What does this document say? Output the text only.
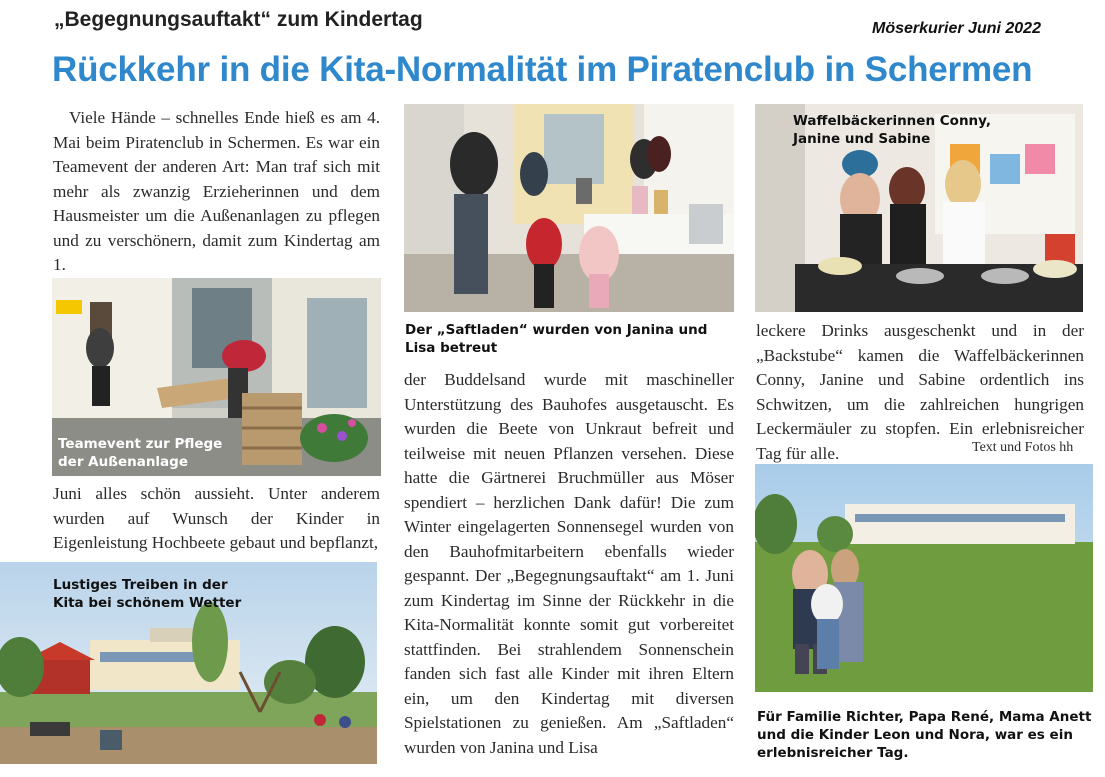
„Begegnungsauftakt“ zum Kindertag	Möserkurier Juni 2022
Rückkehr in die Kita-Normalität im Piratenclub in Schermen

Viele Hände – schnelles Ende hieß es am 4. Mai beim Piratenclub in Schermen. Es war ein Teamevent der anderen Art: Man traf sich mit mehr als zwanzig Erzieherinnen und dem Hausmeister um die Außenanlagen zu pflegen und zu verschönern, damit zum Kindertag am 1.

Teamevent zur Pflege
der Außenanlage

Juni alles schön aussieht. Unter anderem wurden auf Wunsch der Kinder in Eigenleistung Hochbeete gebaut und bepflanzt,

Lustiges Treiben in der
Kita bei schönem Wetter
Der „Saftladen“ wurden von Janina und
Lisa betreut

der Buddelsand wurde mit maschineller Unterstützung des Bauhofes ausgetauscht. Es wurden die Beete von Unkraut befreit und teilweise mit neuen Pflanzen versehen. Diese hatte die Gärtnerei Bruchmüller aus Möser spendiert – herzlichen Dank dafür! Die zum Winter eingelagerten Sonnensegel wurden von den Bauhofmitarbeitern ebenfalls wieder gespannt. Der „Begegnungsauftakt“ am 1. Juni zum Kindertag im Sinne der Rückkehr in die Kita-Normalität konnte somit gut vorbereitet stattfinden. Bei strahlendem Sonnenschein fanden sich fast alle Kinder mit ihren Eltern ein, um den Kindertag mit diversen Spielstationen zu genießen. Am „Saftladen“ wurden von Janina und Lisa

Waffelbäckerinnen Conny,
Janine und Sabine

leckere Drinks ausgeschenkt und in der „Backstube“ kamen die Waffelbäckerinnen Conny, Janine und Sabine ordentlich ins Schwitzen, um die zahlreichen hungrigen Leckermäuler zu stopfen. Ein erlebnisreicher Tag für alle.	Text und Fotos hh
Für Familie Richter, Papa René, Mama Anett
und die Kinder Leon und Nora, war es ein
erlebnisreicher Tag.
